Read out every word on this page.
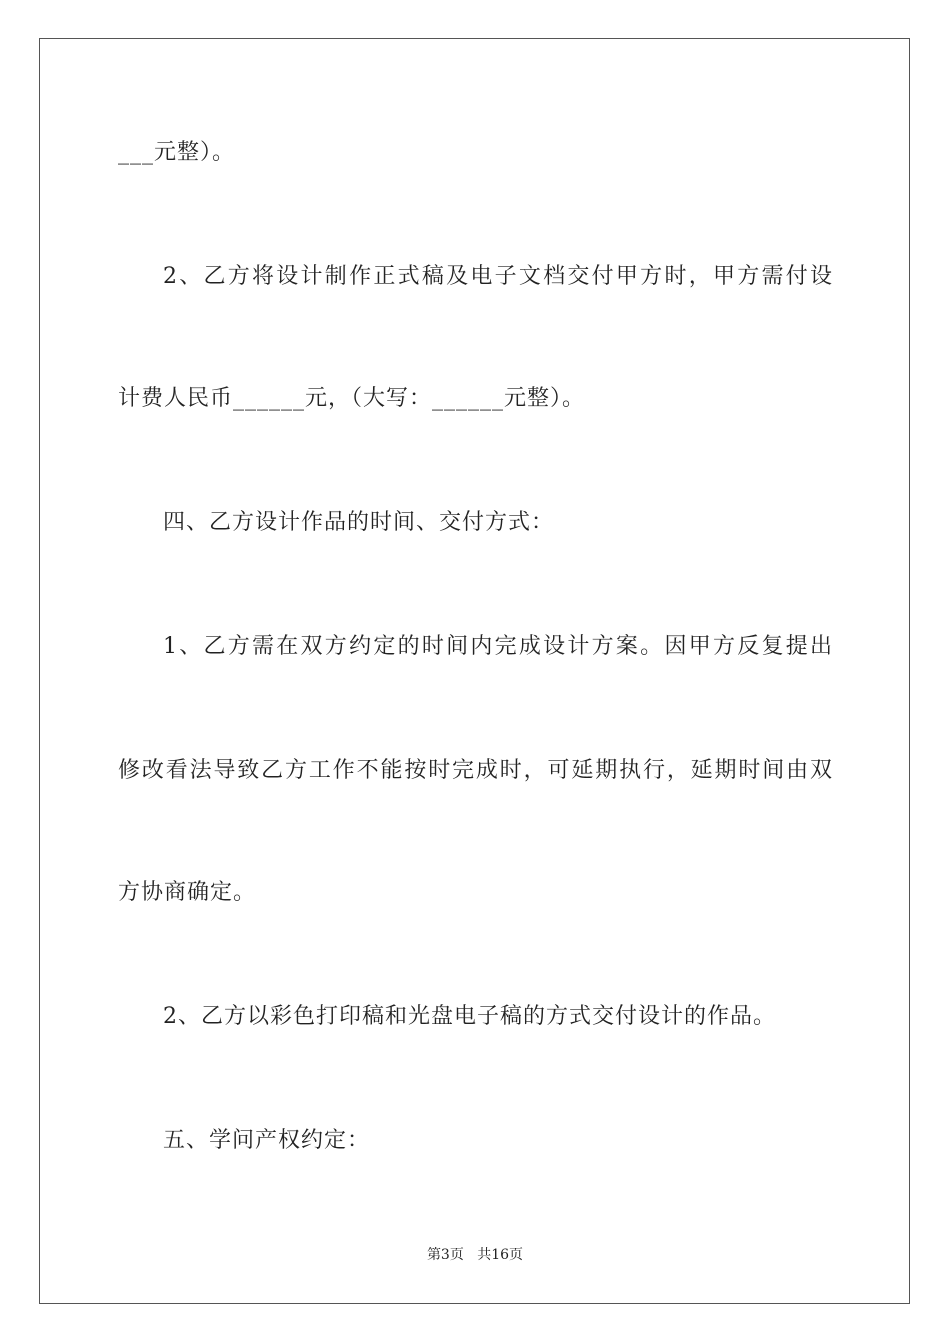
___元整）。
2、乙方将设计制作正式稿及电子文档交付甲方时，甲方需付设
计费人民币______元，（大写：______元整）。
四、乙方设计作品的时间、交付方式：
1、乙方需在双方约定的时间内完成设计方案。因甲方反复提出
修改看法导致乙方工作不能按时完成时，可延期执行，延期时间由双
方协商确定。
2、乙方以彩色打印稿和光盘电子稿的方式交付设计的作品。
五、学问产权约定：
第3页 共16页
